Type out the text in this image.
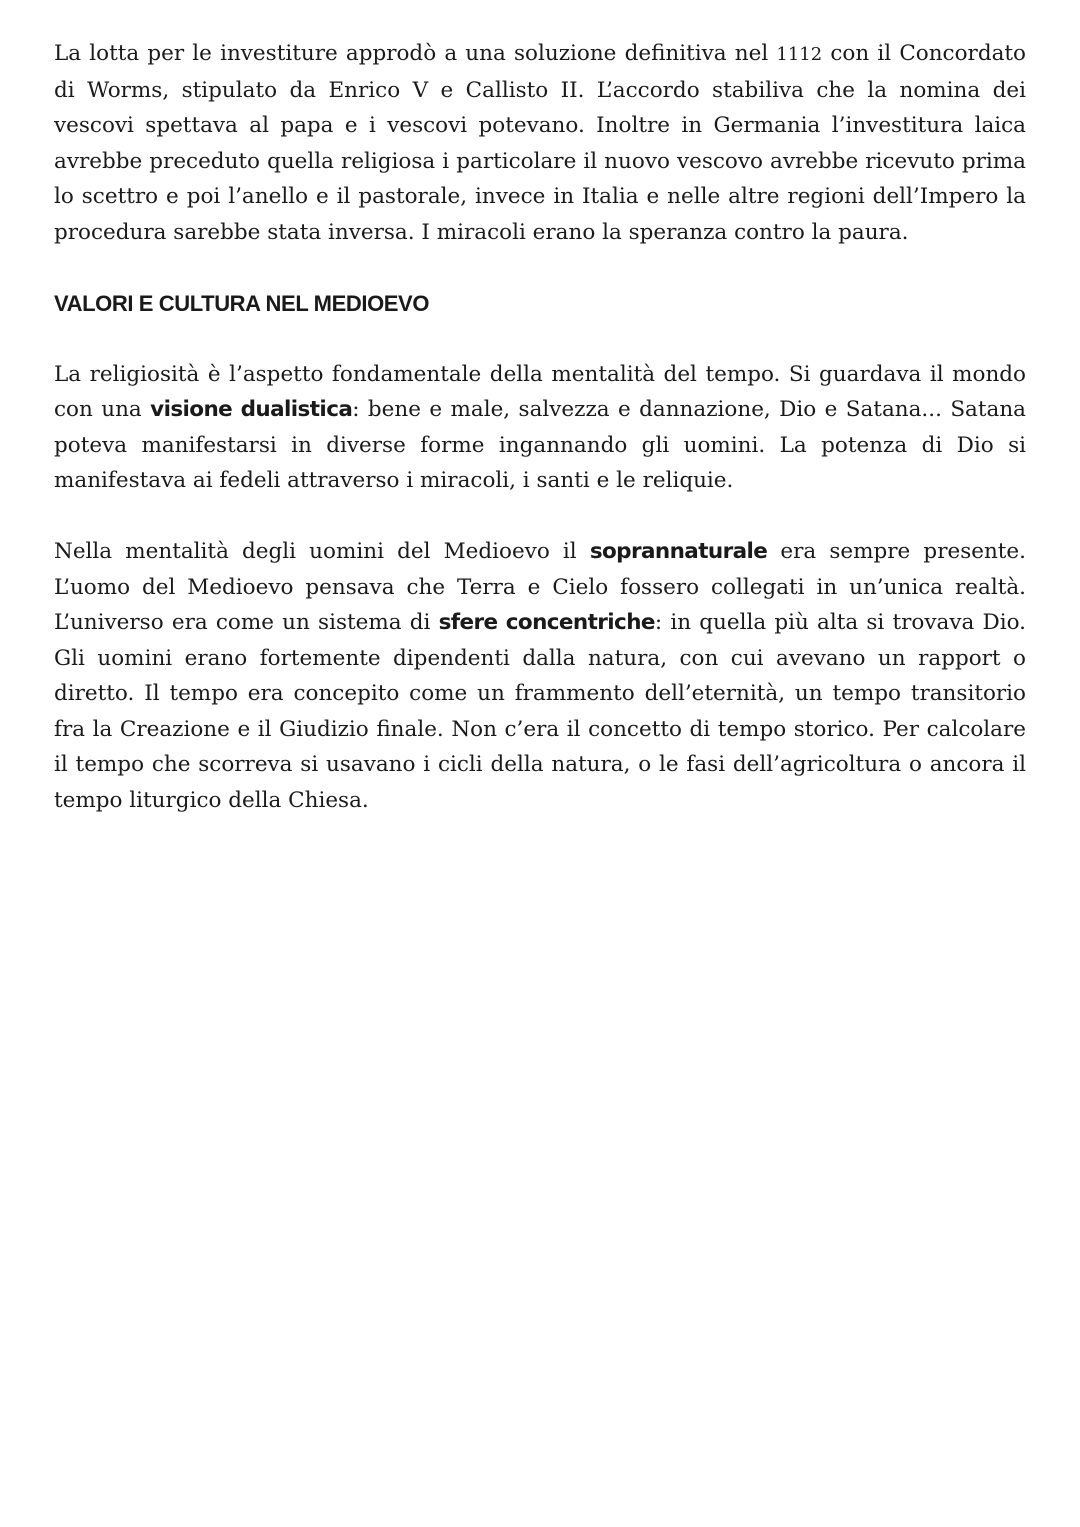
La lotta per le investiture approdò a una soluzione definitiva nel 1112 con il Concordato di Worms, stipulato da Enrico V e Callisto II. L’accordo stabiliva che la nomina dei vescovi spettava al papa e i vescovi potevano. Inoltre in Germania l’investitura laica avrebbe preceduto quella religiosa i particolare il nuovo vescovo avrebbe ricevuto prima lo scettro e poi l’anello e il pastorale, invece in Italia e nelle altre regioni dell’Impero la procedura sarebbe stata inversa. I miracoli erano la speranza contro la paura.

VALORI E CULTURA NEL MEDIOEVO

La religiosità è l’aspetto fondamentale della mentalità del tempo. Si guardava il mondo con una visione dualistica: bene e male, salvezza e dannazione, Dio e Satana... Satana poteva manifestarsi in diverse forme ingannando gli uomini. La potenza di Dio si manifestava ai fedeli attraverso i miracoli, i santi e le reliquie.

Nella mentalità degli uomini del Medioevo il soprannaturale era sempre presente. L’uomo del Medioevo pensava che Terra e Cielo fossero collegati in un’unica realtà. L’universo era come un sistema di sfere concentriche: in quella più alta si trovava Dio. Gli uomini erano fortemente dipendenti dalla natura, con cui avevano un rapport o diretto. Il tempo era concepito come un frammento dell’eternità, un tempo transitorio fra la Creazione e il Giudizio finale. Non c’era il concetto di tempo storico. Per calcolare il tempo che scorreva si usavano i cicli della natura, o le fasi dell’agricoltura o ancora il tempo liturgico della Chiesa.
